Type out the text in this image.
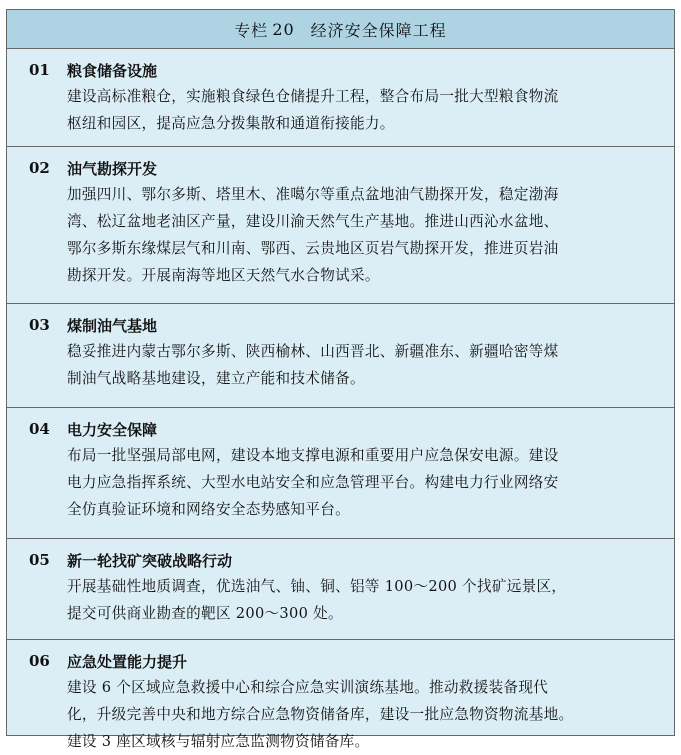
专栏 20 经济安全保障工程
01	粮食储备设施

建设高标准粮仓，实施粮食绿色仓储提升工程，整合布局一批大型粮食物流

枢纽和园区，提高应急分拨集散和通道衔接能力。

02	油气勘探开发

加强四川、鄂尔多斯、塔里木、准噶尔等重点盆地油气勘探开发，稳定渤海

湾、松辽盆地老油区产量，建设川渝天然气生产基地。推进山西沁水盆地、

鄂尔多斯东缘煤层气和川南、鄂西、云贵地区页岩气勘探开发，推进页岩油

勘探开发。开展南海等地区天然气水合物试采。

03	煤制油气基地

稳妥推进内蒙古鄂尔多斯、陕西榆林、山西晋北、新疆准东、新疆哈密等煤

制油气战略基地建设，建立产能和技术储备。

04	电力安全保障

布局一批坚强局部电网，建设本地支撑电源和重要用户应急保安电源。建设

电力应急指挥系统、大型水电站安全和应急管理平台。构建电力行业网络安

全仿真验证环境和网络安全态势感知平台。

05	新一轮找矿突破战略行动

开展基础性地质调查，优选油气、铀、铜、铝等 100～200 个找矿远景区，

提交可供商业勘查的靶区 200～300 处。

06	应急处置能力提升

建设 6 个区域应急救援中心和综合应急实训演练基地。推动救援装备现代

化，升级完善中央和地方综合应急物资储备库，建设一批应急物资物流基地。

建设 3 座区域核与辐射应急监测物资储备库。
